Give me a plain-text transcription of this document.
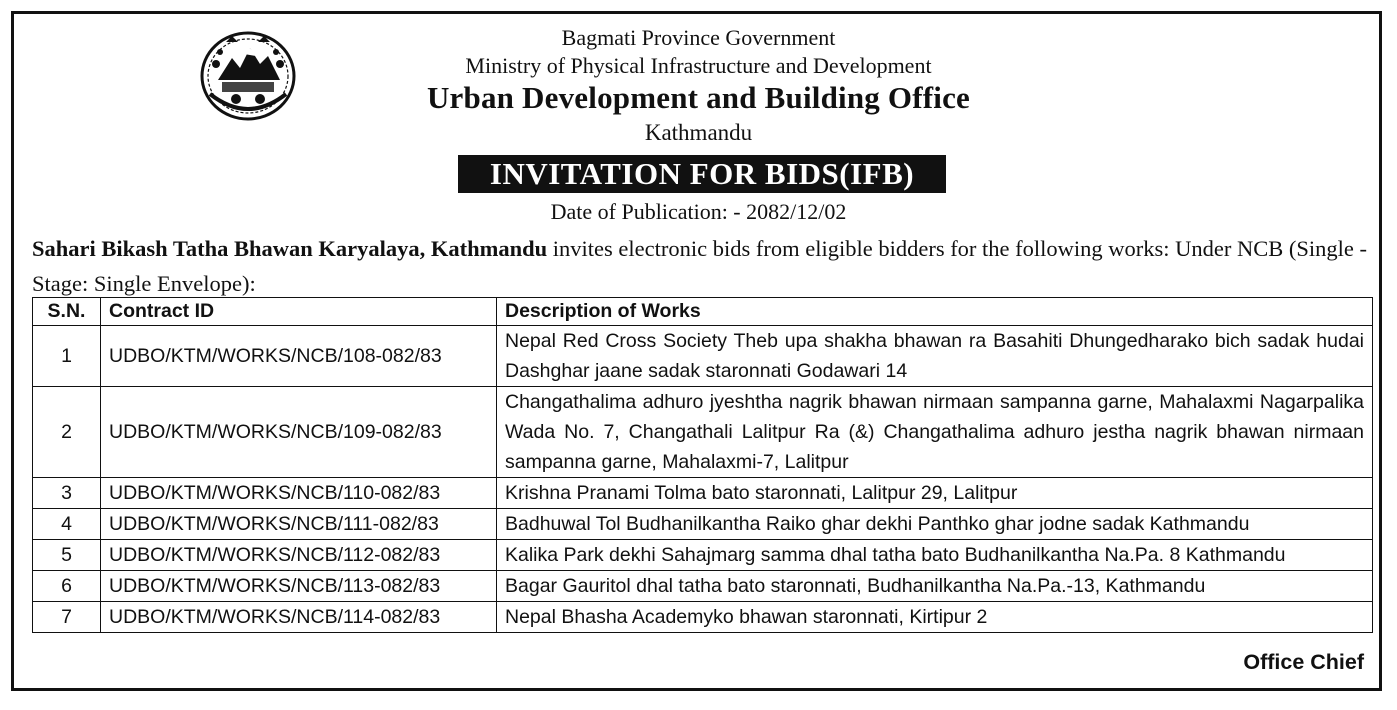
Bagmati Province Government
Ministry of Physical Infrastructure and Development
Urban Development and Building Office
Kathmandu
INVITATION FOR BIDS(IFB)
Date of Publication: - 2082/12/02
Sahari Bikash Tatha Bhawan Karyalaya, Kathmandu invites electronic bids from eligible bidders for the following works: Under NCB (Single -Stage: Single Envelope):
S.N.	Contract ID	Description of Works
1	UDBO/KTM/WORKS/NCB/108-082/83	Nepal Red Cross Society Theb upa shakha bhawan ra Basahiti Dhungedharako bich sadak hudai Dashghar jaane sadak staronnati Godawari 14
2	UDBO/KTM/WORKS/NCB/109-082/83	Changathalima adhuro jyeshtha nagrik bhawan nirmaan sampanna garne, Mahalaxmi Nagarpalika Wada No. 7, Changathali Lalitpur Ra (&) Changathalima adhuro jestha nagrik bhawan nirmaan sampanna garne, Mahalaxmi-7, Lalitpur
3	UDBO/KTM/WORKS/NCB/110-082/83	Krishna Pranami Tolma bato staronnati, Lalitpur 29, Lalitpur
4	UDBO/KTM/WORKS/NCB/111-082/83	Badhuwal Tol Budhanilkantha Raiko ghar dekhi Panthko ghar jodne sadak Kathmandu
5	UDBO/KTM/WORKS/NCB/112-082/83	Kalika Park dekhi Sahajmarg samma dhal tatha bato Budhanilkantha Na.Pa. 8 Kathmandu
6	UDBO/KTM/WORKS/NCB/113-082/83	Bagar Gauritol dhal tatha bato staronnati, Budhanilkantha Na.Pa.-13, Kathmandu
7	UDBO/KTM/WORKS/NCB/114-082/83	Nepal Bhasha Academyko bhawan staronnati, Kirtipur 2
Office Chief
